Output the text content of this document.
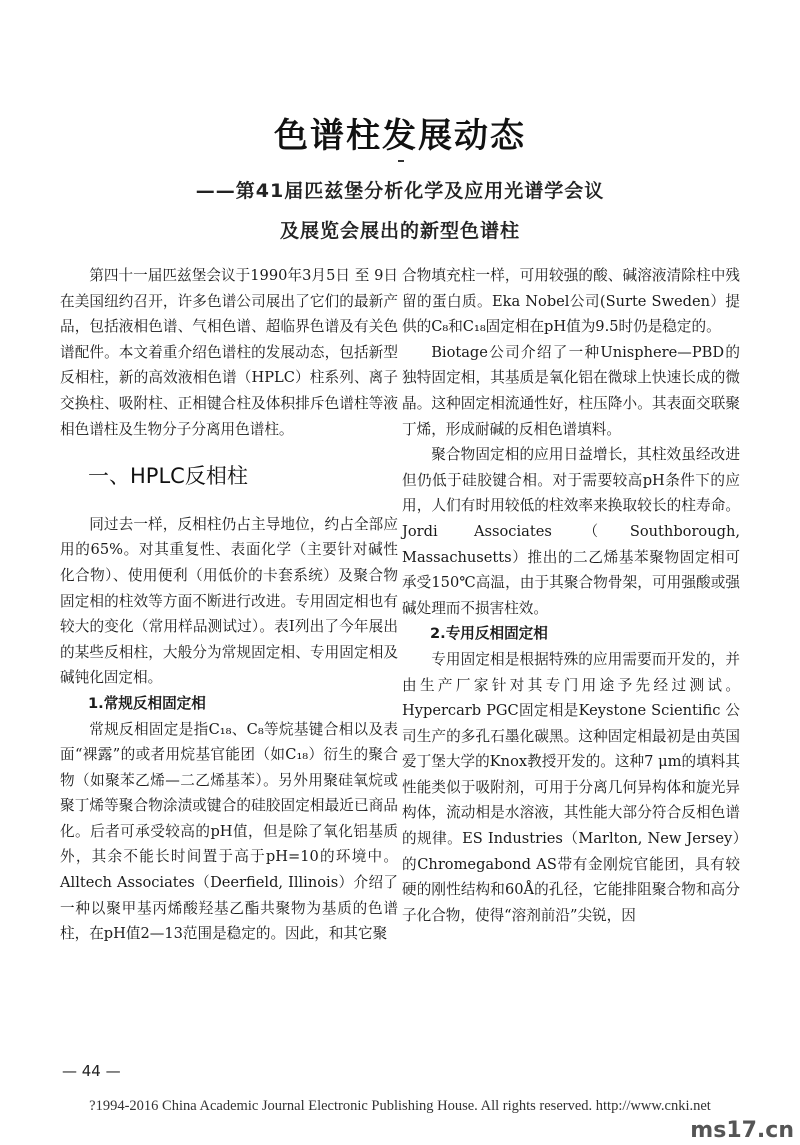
色谱柱发展动态
——第41届匹兹堡分析化学及应用光谱学会议
及展览会展出的新型色谱柱

第四十一届匹兹堡会议于1990年3月5日 至 9日在美国纽约召开，许多色谱公司展出了它们的最新产品，包括液相色谱、气相色谱、超临界色谱及有关色谱配件。本文着重介绍色谱柱的发展动态，包括新型反相柱，新的高效液相色谱（HPLC）柱系列、离子交换柱、吸附柱、正相键合柱及体积排斥色谱柱等液相色谱柱及生物分子分离用色谱柱。

一、HPLC反相柱

同过去一样，反相柱仍占主导地位，约占全部应用的65%。对其重复性、表面化学（主要针对碱性化合物）、使用便利（用低价的卡套系统）及聚合物固定相的柱效等方面不断进行改进。专用固定相也有较大的变化（常用样品测试过）。表Ⅰ列出了今年展出的某些反相柱，大般分为常规固定相、专用固定相及碱钝化固定相。

1.常规反相固定相

常规反相固定是指C₁₈、C₈等烷基键合相以及表面“裸露”的或者用烷基官能团（如C₁₈）衍生的聚合物（如聚苯乙烯—二乙烯基苯）。另外用聚硅氧烷或聚丁烯等聚合物涂渍或键合的硅胶固定相最近已商品化。后者可承受较高的pH值，但是除了氧化铝基质外，其余不能长时间置于高于pH=10的环境中。Alltech Associates（Deerfield, Illinois）介绍了一种以聚甲基丙烯酸羟基乙酯共聚物为基质的色谱柱，在pH值2—13范围是稳定的。因此，和其它聚

合物填充柱一样，可用较强的酸、碱溶液清除柱中残留的蛋白质。Eka Nobel公司(Surte Sweden）提供的C₈和C₁₈固定相在pH值为9.5时仍是稳定的。

Biotage公司介绍了一种Unisphere—PBD的独特固定相，其基质是氧化铝在微球上快速长成的微晶。这种固定相流通性好，柱压降小。其表面交联聚丁烯，形成耐碱的反相色谱填料。

聚合物固定相的应用日益增长，其柱效虽经改进但仍低于硅胶键合相。对于需要较高pH条件下的应用，人们有时用较低的柱效率来换取较长的柱寿命。Jordi Associates（Southborough, Massachusetts）推出的二乙烯基苯聚物固定相可承受150℃高温，由于其聚合物骨架，可用强酸或强碱处理而不损害柱效。

2.专用反相固定相

专用固定相是根据特殊的应用需要而开发的，并由生产厂家针对其专门用途予先经过测试。Hypercarb PGC固定相是Keystone Scientific 公司生产的多孔石墨化碳黑。这种固定相最初是由英国爱丁堡大学的Knox教授开发的。这种7 μm的填料其性能类似于吸附剂，可用于分离几何异构体和旋光异构体，流动相是水溶液，其性能大部分符合反相色谱的规律。ES Industries（Marlton, New Jersey）的Chromegabond AS带有金刚烷官能团，具有较硬的刚性结构和60Å的孔径，它能排阻聚合物和高分子化合物，使得“溶剂前沿”尖锐，因

— 44 —
?1994-2016 China Academic Journal Electronic Publishing House. All rights reserved. http://www.cnki.net
ms17.cn
